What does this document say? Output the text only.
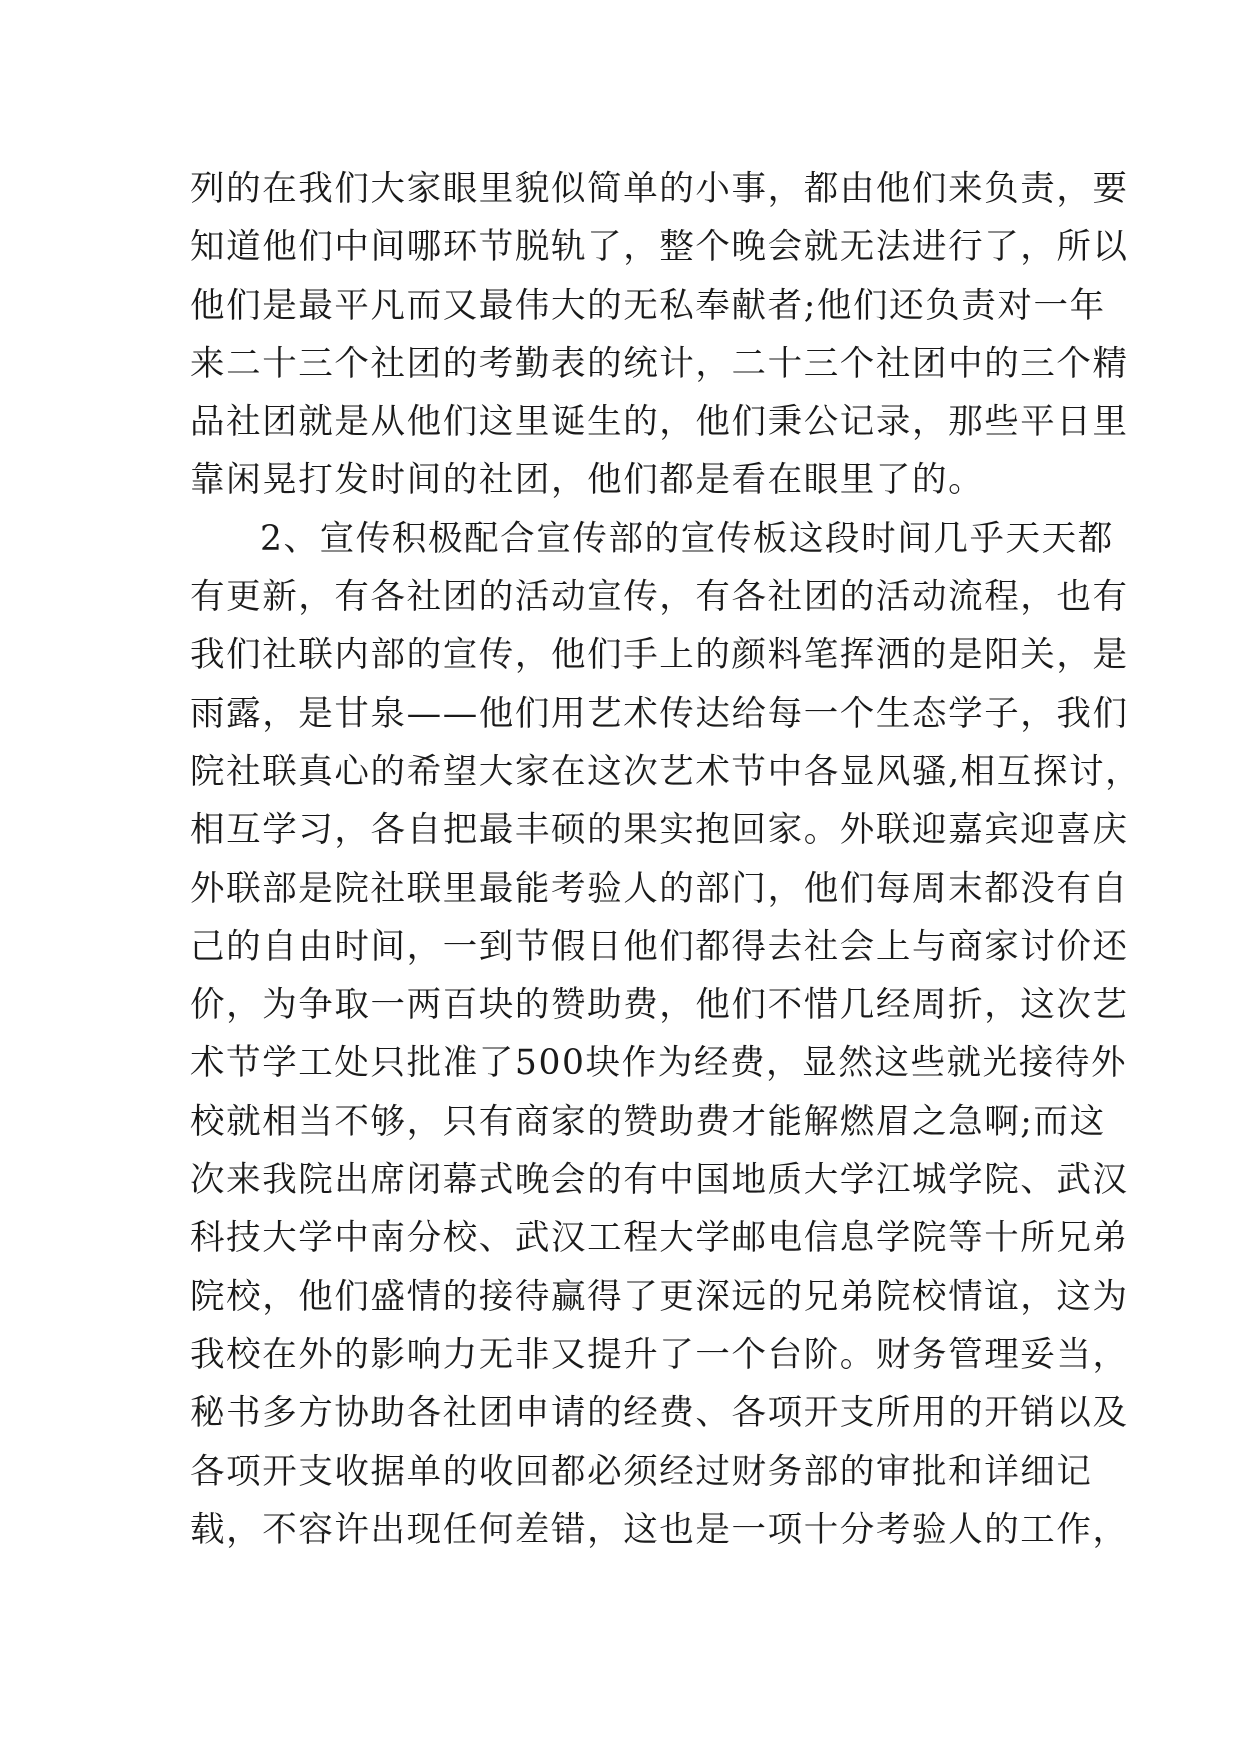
列的在我们大家眼里貌似简单的小事，都由他们来负责，要
知道他们中间哪环节脱轨了，整个晚会就无法进行了，所以
他们是最平凡而又最伟大的无私奉献者;他们还负责对一年
来二十三个社团的考勤表的统计，二十三个社团中的三个精
品社团就是从他们这里诞生的，他们秉公记录，那些平日里
靠闲晃打发时间的社团，他们都是看在眼里了的。
2、宣传积极配合宣传部的宣传板这段时间几乎天天都
有更新，有各社团的活动宣传，有各社团的活动流程，也有
我们社联内部的宣传，他们手上的颜料笔挥洒的是阳关，是
雨露，是甘泉——他们用艺术传达给每一个生态学子，我们
院社联真心的希望大家在这次艺术节中各显风骚,相互探讨，
相互学习，各自把最丰硕的果实抱回家。外联迎嘉宾迎喜庆
外联部是院社联里最能考验人的部门，他们每周末都没有自
己的自由时间，一到节假日他们都得去社会上与商家讨价还
价，为争取一两百块的赞助费，他们不惜几经周折，这次艺
术节学工处只批准了500块作为经费，显然这些就光接待外
校就相当不够，只有商家的赞助费才能解燃眉之急啊;而这
次来我院出席闭幕式晚会的有中国地质大学江城学院、武汉
科技大学中南分校、武汉工程大学邮电信息学院等十所兄弟
院校，他们盛情的接待赢得了更深远的兄弟院校情谊，这为
我校在外的影响力无非又提升了一个台阶。财务管理妥当，
秘书多方协助各社团申请的经费、各项开支所用的开销以及
各项开支收据单的收回都必须经过财务部的审批和详细记
载，不容许出现任何差错，这也是一项十分考验人的工作，
